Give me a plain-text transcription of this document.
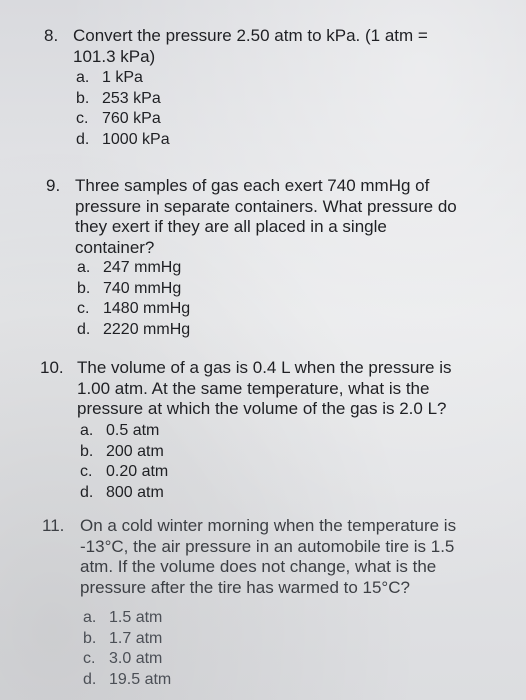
8. Convert the pressure 2.50 atm to kPa. (1 atm =
101.3 kPa)
a. 1 kPa
b. 253 kPa
c. 760 kPa
d. 1000 kPa
9. Three samples of gas each exert 740 mmHg of
pressure in separate containers. What pressure do
they exert if they are all placed in a single
container?
a. 247 mmHg
b. 740 mmHg
c. 1480 mmHg
d. 2220 mmHg
10. The volume of a gas is 0.4 L when the pressure is
1.00 atm. At the same temperature, what is the
pressure at which the volume of the gas is 2.0 L?
a. 0.5 atm
b. 200 atm
c. 0.20 atm
d. 800 atm
11. On a cold winter morning when the temperature is
-13°C, the air pressure in an automobile tire is 1.5
atm. If the volume does not change, what is the
pressure after the tire has warmed to 15°C?
a. 1.5 atm
b. 1.7 atm
c. 3.0 atm
d. 19.5 atm
